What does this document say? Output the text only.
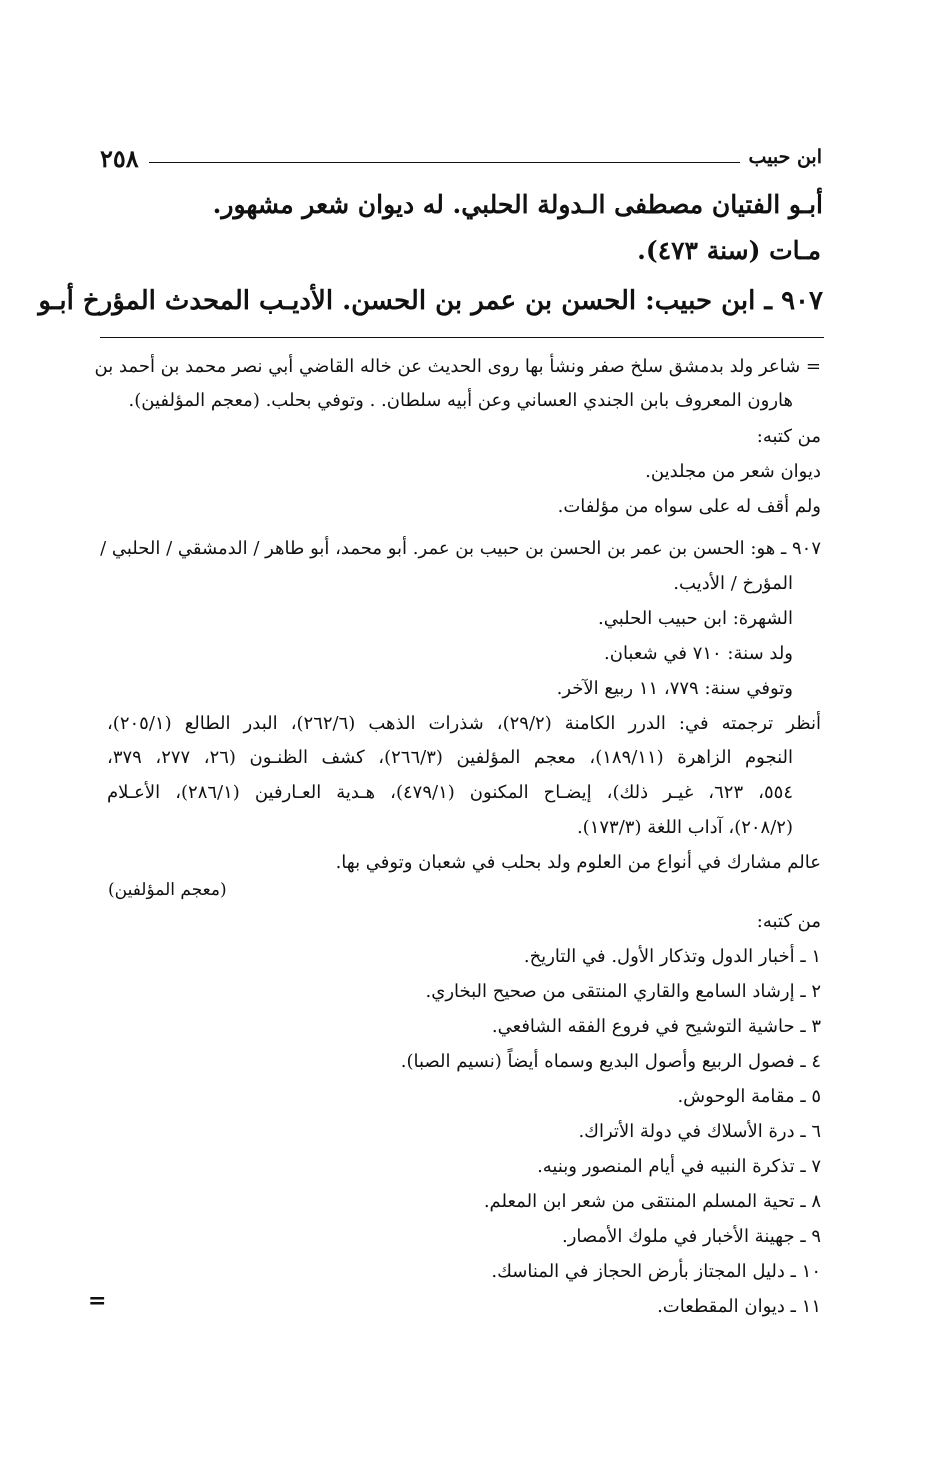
٢٥٨	ابن حبيب
أبـو الفتيان مصطفى الـدولة الحلبي. له ديوان شعر مشهور.
مـات (سنة ٤٧٣).
٩٠٧ ـ ابن حبيب: الحسن بن عمر بن الحسن. الأديـب المحدث المؤرخ أبـو
= شاعر ولد بدمشق سلخ صفر ونشأ بها روى الحديث عن خاله القاضي أبي نصر محمد بن أحمد بن
هارون المعروف بابن الجندي العساني وعن أبيه سلطان. . وتوفي بحلب. (معجم المؤلفين).
من كتبه:
ديوان شعر من مجلدين.
ولم أقف له على سواه من مؤلفات.
٩٠٧ ـ هو: الحسن بن عمر بن الحسن بن حبيب بن عمر. أبو محمد، أبو طاهر / الدمشقي / الحلبي /
المؤرخ / الأديب.
الشهرة: ابن حبيب الحلبي.
ولد سنة: ٧١٠ في شعبان.
وتوفي سنة: ٧٧٩، ١١ ربيع الآخر.
أنظر ترجمته في: الدرر الكامنة (٢٩/٢)، شذرات الذهب (٢٦٢/٦)، البدر الطالع (٢٠٥/١)،
النجوم الزاهرة (١٨٩/١١)، معجم المؤلفين (٢٦٦/٣)، كشف الظنـون (٢٦، ٢٧٧، ٣٧٩،
٥٥٤، ٦٢٣، غيـر ذلك)، إيضـاح المكنون (٤٧٩/١)، هـدية العـارفين (٢٨٦/١)، الأعـلام
(٢٠٨/٢)، آداب اللغة (١٧٣/٣).
عالم مشارك في أنواع من العلوم ولد بحلب في شعبان وتوفي بها.
(معجم المؤلفين)
من كتبه:
١ ـ أخبار الدول وتذكار الأول. في التاريخ.
٢ ـ إرشاد السامع والقاري المنتقى من صحيح البخاري.
٣ ـ حاشية التوشيح في فروع الفقه الشافعي.
٤ ـ فصول الربيع وأصول البديع وسماه أيضاً (نسيم الصبا).
٥ ـ مقامة الوحوش.
٦ ـ درة الأسلاك في دولة الأتراك.
٧ ـ تذكرة النبيه في أيام المنصور وبنيه.
٨ ـ تحية المسلم المنتقى من شعر ابن المعلم.
٩ ـ جهينة الأخبار في ملوك الأمصار.
١٠ ـ دليل المجتاز بأرض الحجاز في المناسك.
١١ ـ ديوان المقطعات.
=
